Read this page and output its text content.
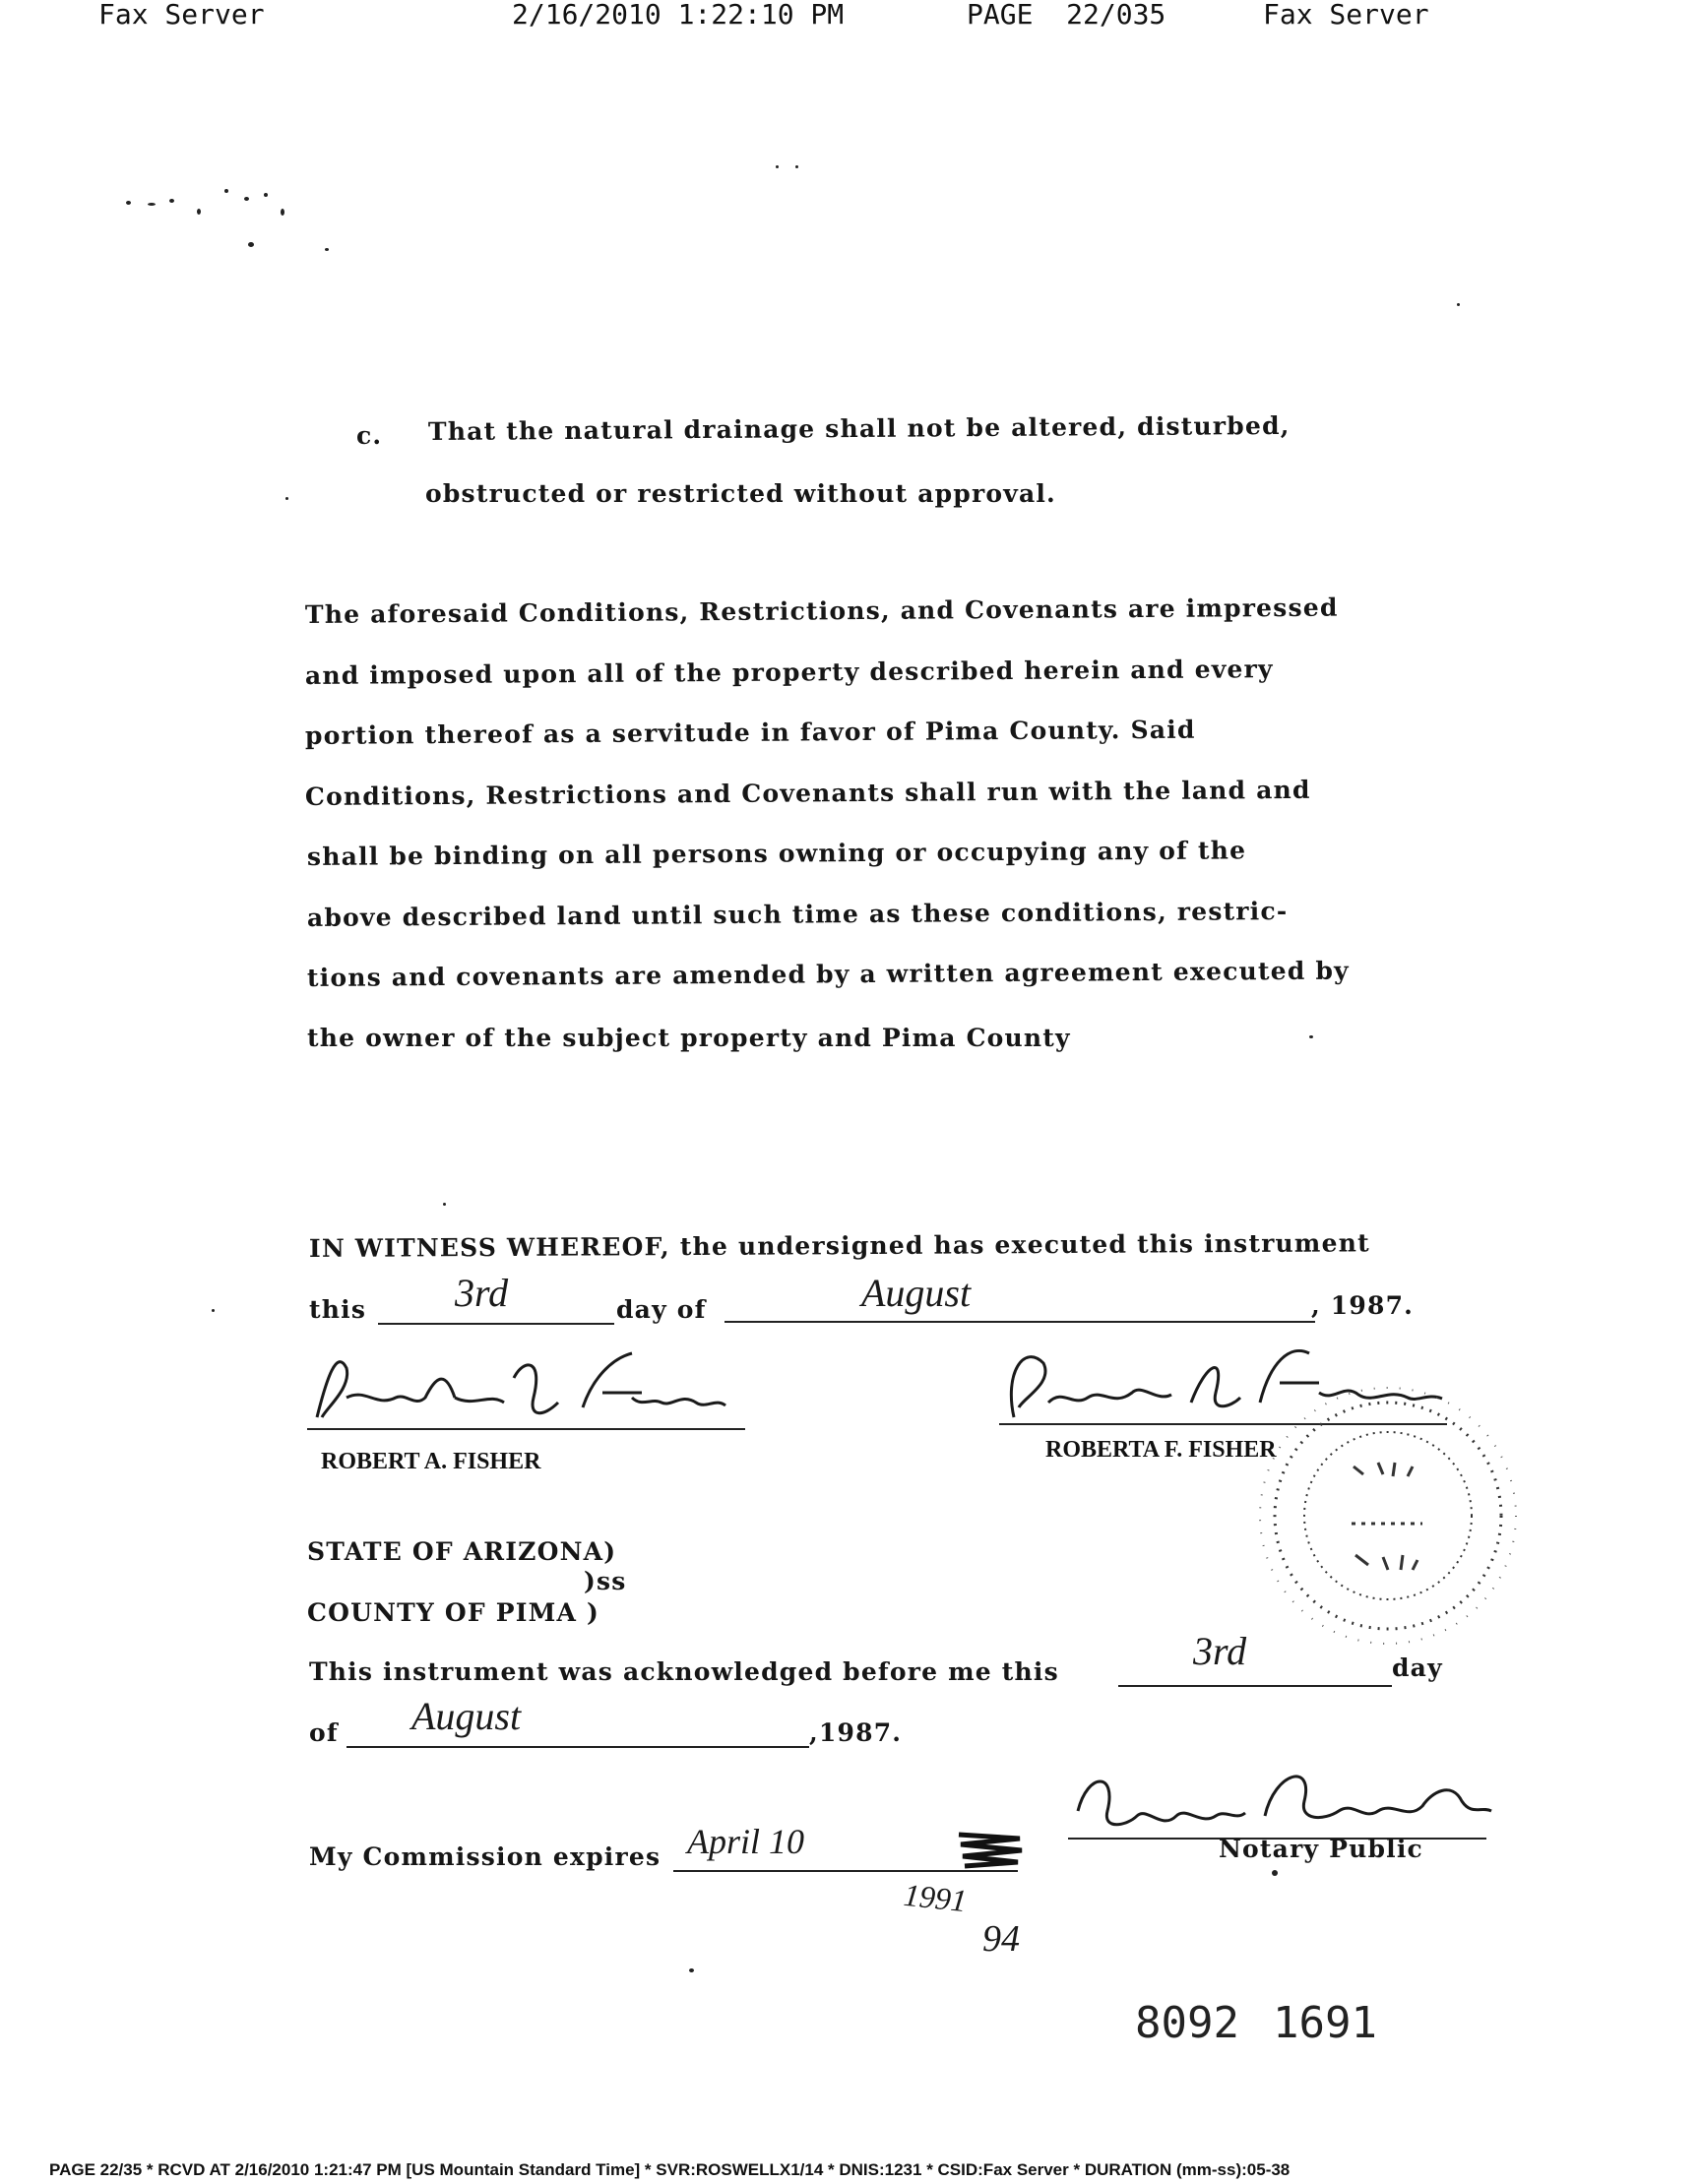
Fax Server	2/16/2010 1:22:10 PM	PAGE  22/035	Fax Server
c. That the natural drainage shall not be altered, disturbed,
obstructed or restricted without approval.
The aforesaid Conditions, Restrictions, and Covenants are impressed
and imposed upon all of the property described herein and every
portion thereof as a servitude in favor of Pima County. Said
Conditions, Restrictions and Covenants shall run with the land and
shall be binding on all persons owning or occupying any of the
above described land until such time as these conditions, restric-
tions and covenants are amended by a written agreement executed by
the owner of the subject property and Pima County
IN WITNESS WHEREOF, the undersigned has executed this instrument
this 3rd	day of	August	, 1987.
ROBERT A. FISHER	ROBERTA F. FISHER
STATE OF ARIZONA)
)ss
COUNTY OF PIMA )
This instrument was acknowledged before me this	3rd	day
of August	,1987.
My Commission expires April 10
1991
94
Notary Public
8092 1691
PAGE 22/35 * RCVD AT 2/16/2010 1:21:47 PM [US Mountain Standard Time] * SVR:ROSWELLX1/14 * DNIS:1231 * CSID:Fax Server * DURATION (mm-ss):05-38
